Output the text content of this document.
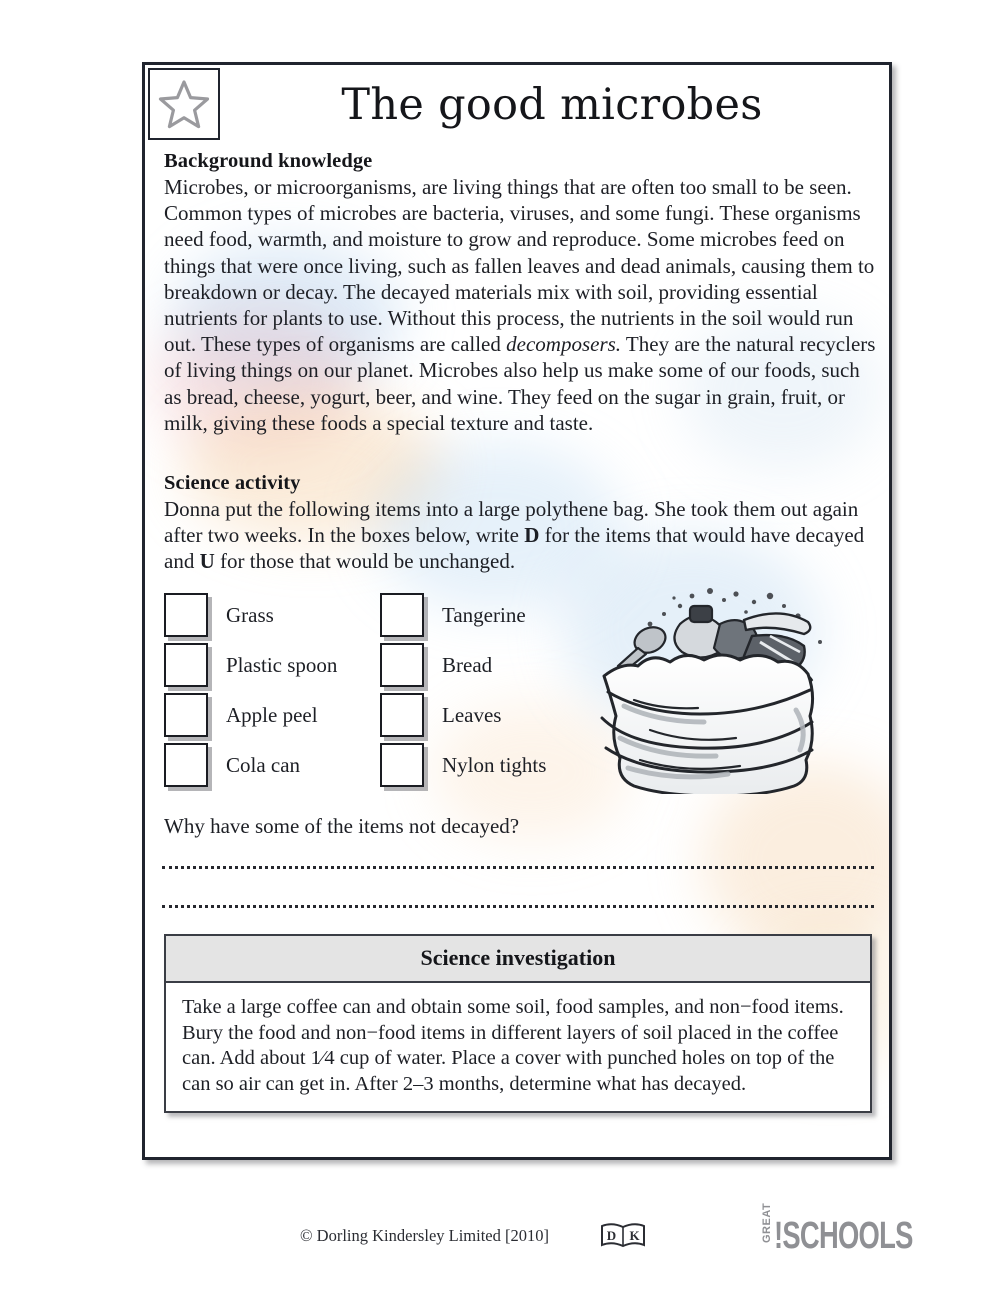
The good microbes
Background knowledge

Microbes, or microorganisms, are living things that are often too small to be seen. Common types of microbes are bacteria, viruses, and some fungi. These organisms need food, warmth, and moisture to grow and reproduce. Some microbes feed on things that were once living, such as fallen leaves and dead animals, causing them to breakdown or decay. The decayed materials mix with soil, providing essential nutrients for plants to use. Without this process, the nutrients in the soil would run out. These types of organisms are called decomposers. They are the natural recyclers of living things on our planet. Microbes also help us make some of our foods, such as bread, cheese, yogurt, beer, and wine. They feed on the sugar in grain, fruit, or milk, giving these foods a special texture and taste.

Science activity

Donna put the following items into a large polythene bag. She took them out again after two weeks. In the boxes below, write D for the items that would have decayed and U for those that would be unchanged.

Grass
Plastic spoon
Apple peel
Cola can
Tangerine
Bread
Leaves
Nylon tights
Why have some of the items not decayed?
Science investigation
Take a large coffee can and obtain some soil, food samples, and non−food items. Bury the food and non−food items in different layers of soil placed in the coffee can. Add about 1⁄4 cup of water. Place a cover with punched holes on top of the can so air can get in. After 2–3 months, determine what has decayed.
© Dorling Kindersley Limited [2010]	D K	GREAT !SCHOOLS
